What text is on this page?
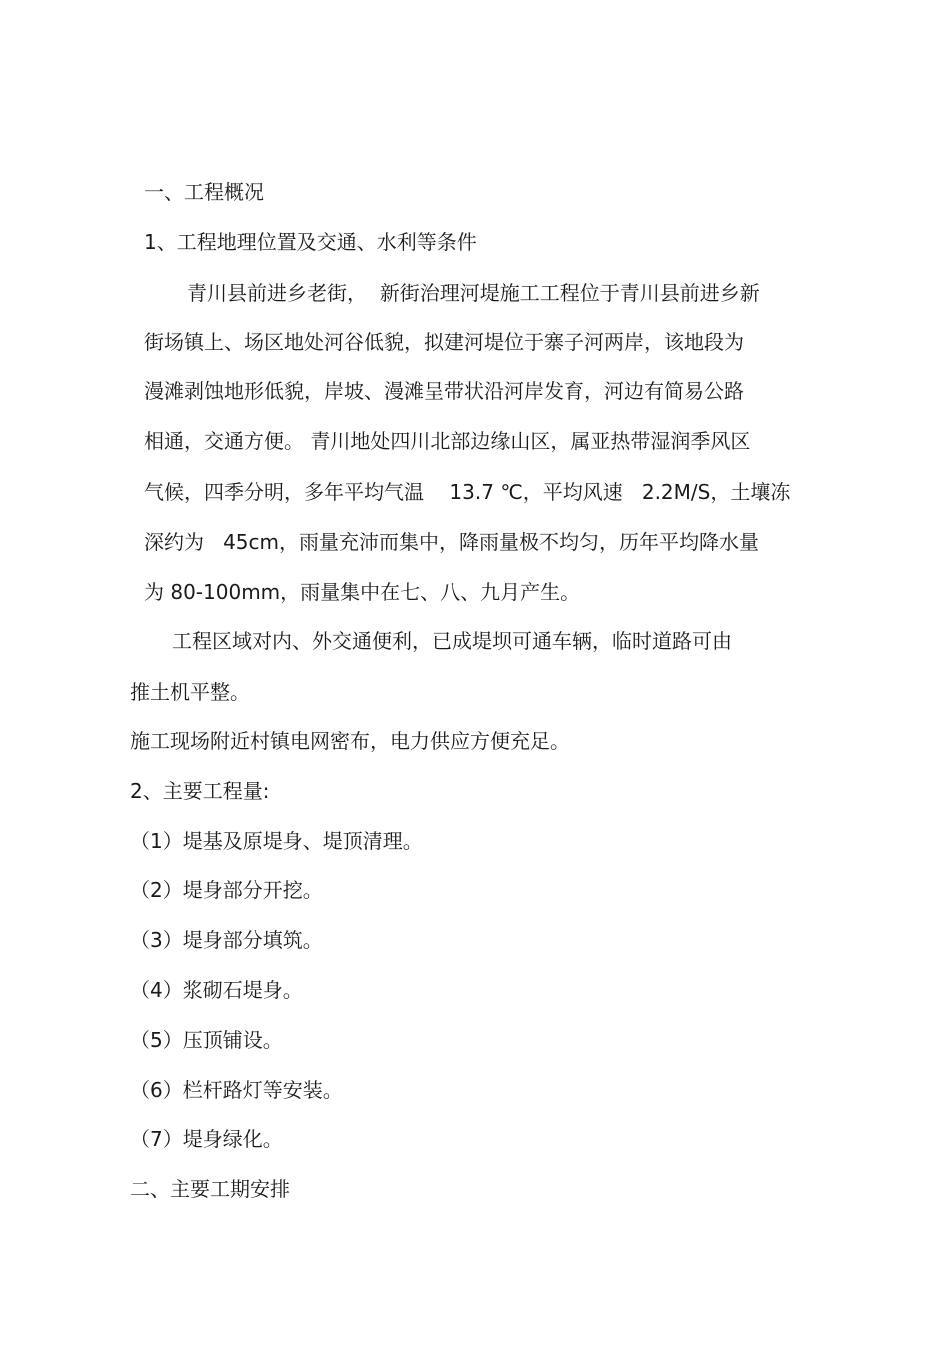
一、工程概况
1、工程地理位置及交通、水利等条件

青川县前进乡老街，  新街治理河堤施工工程位于青川县前进乡新

街场镇上、场区地处河谷低貌，拟建河堤位于寨子河两岸，该地段为

漫滩剥蚀地形低貌，岸坡、漫滩呈带状沿河岸发育，河边有简易公路

相通，交通方便。 青川地处四川北部边缘山区，属亚热带湿润季风区

气候，四季分明，多年平均气温    13.7 ℃，平均风速   2.2M/S，土壤冻

深约为   45cm，雨量充沛而集中，降雨量极不均匀，历年平均降水量

为 80-100mm，雨量集中在七、八、九月产生。

工程区域对内、外交通便利，已成堤坝可通车辆，临时道路可由

推土机平整。

施工现场附近村镇电网密布，电力供应方便充足。

2、主要工程量:

（1）堤基及原堤身、堤顶清理。

（2）堤身部分开挖。

（3）堤身部分填筑。

（4）浆砌石堤身。

（5）压顶铺设。

（6）栏杆路灯等安装。

（7）堤身绿化。

二、主要工期安排
